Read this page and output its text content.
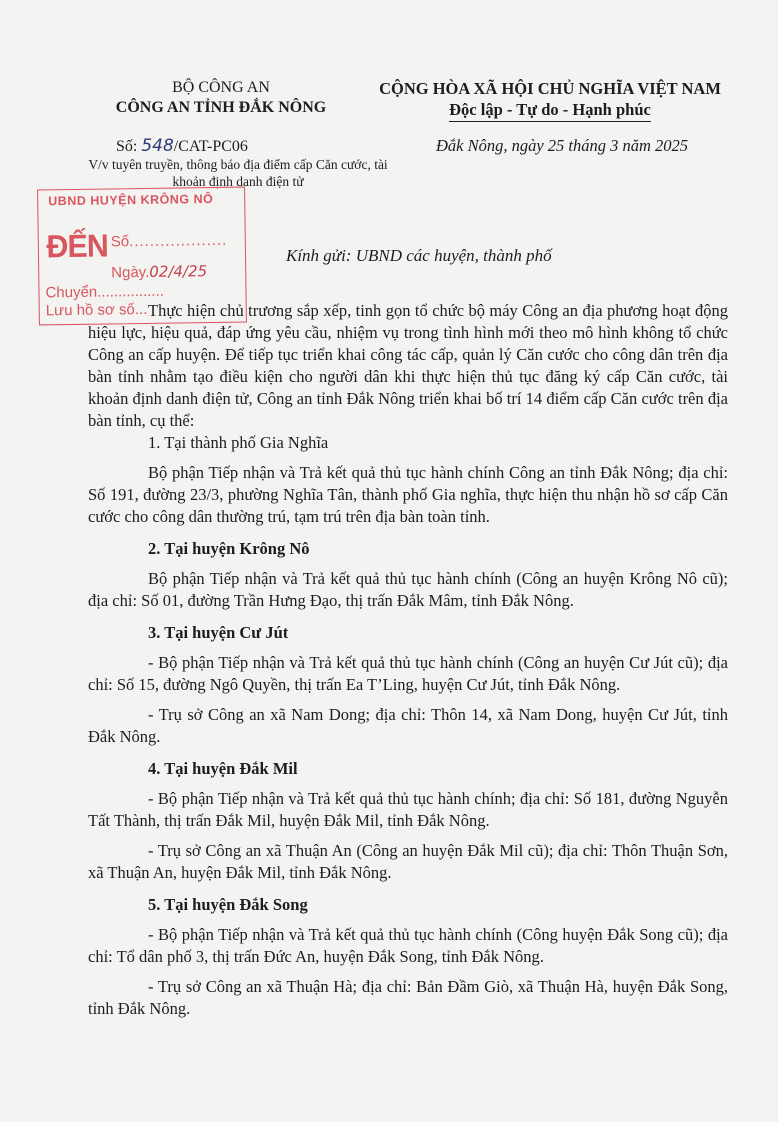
BỘ CÔNG AN
CÔNG AN TỈNH ĐẮK NÔNG
CỘNG HÒA XÃ HỘI CHỦ NGHĨA VIỆT NAM
Độc lập - Tự do - Hạnh phúc
Số: 548/CAT-PC06
V/v tuyên truyền, thông báo địa điểm cấp Căn cước, tài khoản định danh điện tử
Đắk Nông, ngày 25 tháng 3 năm 2025
UBND HUYỆN KRÔNG NÔ
ĐẾN Số...................
Ngày.02/4/25
Chuyển................
Lưu hồ sơ số...
Kính gửi: UBND các huyện, thành phố

Thực hiện chủ trương sắp xếp, tinh gọn tổ chức bộ máy Công an địa phương hoạt động hiệu lực, hiệu quả, đáp ứng yêu cầu, nhiệm vụ trong tình hình mới theo mô hình không tổ chức Công an cấp huyện. Để tiếp tục triển khai công tác cấp, quản lý Căn cước cho công dân trên địa bàn tỉnh nhằm tạo điều kiện cho người dân khi thực hiện thủ tục đăng ký cấp Căn cước, tài khoản định danh điện tử, Công an tỉnh Đắk Nông triển khai bố trí 14 điểm cấp Căn cước trên địa bàn tỉnh, cụ thể:

1. Tại thành phố Gia Nghĩa

Bộ phận Tiếp nhận và Trả kết quả thủ tục hành chính Công an tỉnh Đắk Nông; địa chỉ: Số 191, đường 23/3, phường Nghĩa Tân, thành phố Gia nghĩa, thực hiện thu nhận hồ sơ cấp Căn cước cho công dân thường trú, tạm trú trên địa bàn toàn tỉnh.

2. Tại huyện Krông Nô

Bộ phận Tiếp nhận và Trả kết quả thủ tục hành chính (Công an huyện Krông Nô cũ); địa chỉ: Số 01, đường Trần Hưng Đạo, thị trấn Đắk Mâm, tỉnh Đắk Nông.

3. Tại huyện Cư Jút

- Bộ phận Tiếp nhận và Trả kết quả thủ tục hành chính (Công an huyện Cư Jút cũ); địa chỉ: Số 15, đường Ngô Quyền, thị trấn Ea T’Ling, huyện Cư Jút, tỉnh Đắk Nông.

- Trụ sở Công an xã Nam Dong; địa chỉ: Thôn 14, xã Nam Dong, huyện Cư Jút, tỉnh Đắk Nông.

4. Tại huyện Đắk Mil

- Bộ phận Tiếp nhận và Trả kết quả thủ tục hành chính; địa chỉ: Số 181, đường Nguyễn Tất Thành, thị trấn Đắk Mil, huyện Đắk Mil, tỉnh Đắk Nông.

- Trụ sở Công an xã Thuận An (Công an huyện Đắk Mil cũ); địa chỉ: Thôn Thuận Sơn, xã Thuận An, huyện Đắk Mil, tỉnh Đắk Nông.

5. Tại huyện Đắk Song

- Bộ phận Tiếp nhận và Trả kết quả thủ tục hành chính (Công huyện Đắk Song cũ); địa chỉ: Tổ dân phố 3, thị trấn Đức An, huyện Đắk Song, tỉnh Đắk Nông.

- Trụ sở Công an xã Thuận Hà; địa chỉ: Bản Đầm Giò, xã Thuận Hà, huyện Đắk Song, tỉnh Đắk Nông.
